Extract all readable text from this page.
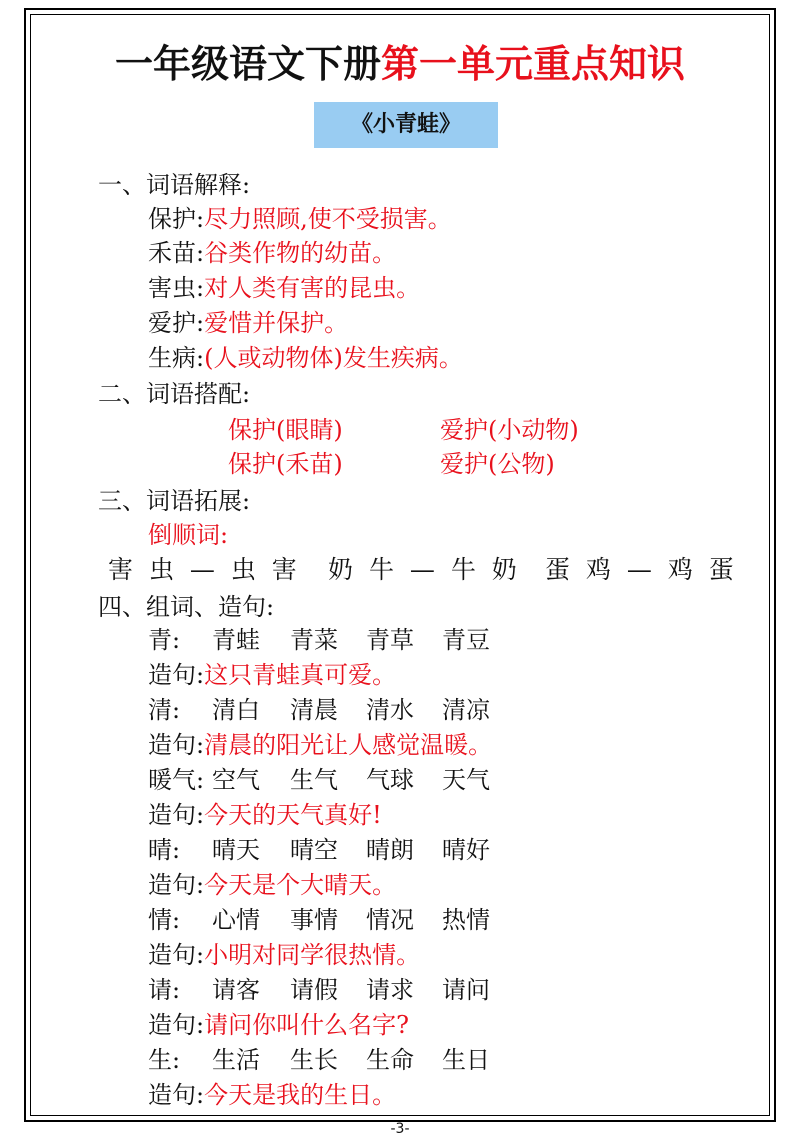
一年级语文下册第一单元重点知识
《小青蛙》
一、词语解释:
保护:尽力照顾,使不受损害。
禾苗:谷类作物的幼苗。
害虫:对人类有害的昆虫。
爱护:爱惜并保护。
生病:(人或动物体)发生疾病。
二、词语搭配:
保护(眼睛)	爱护(小动物)
保护(禾苗)	爱护(公物)
三、词语拓展:
倒顺词:
害 虫 — 虫 害 奶 牛 — 牛 奶 蛋 鸡 — 鸡 蛋
四、组词、造句:
青: 青蛙 青菜 青草 青豆
造句:这只青蛙真可爱。
清: 清白 清晨 清水 清凉
造句:清晨的阳光让人感觉温暖。
暖气: 空气 生气 气球 天气
造句:今天的天气真好!
晴: 晴天 晴空 晴朗 晴好
造句:今天是个大晴天。
情: 心情 事情 情况 热情
造句:小明对同学很热情。
请: 请客 请假 请求 请问
造句:请问你叫什么名字?
生: 生活 生长 生命 生日
造句:今天是我的生日。
-3-
